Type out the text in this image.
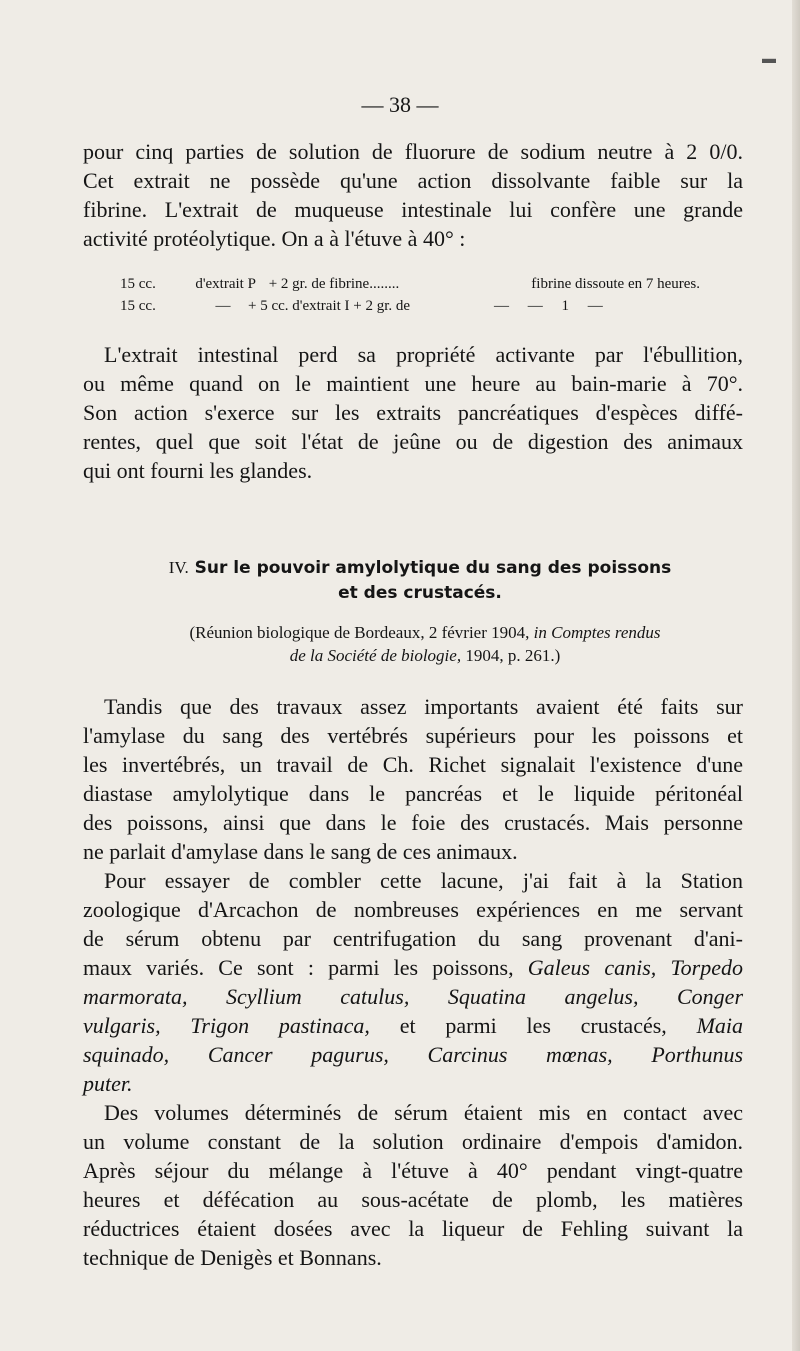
▬
— 38 —

pour cinq parties de solution de fluorure de sodium neutre à 2 0/0.

Cet extrait ne possède qu'une action dissolvante faible sur la

fibrine. L'extrait de muqueuse intestinale lui confère une grande

activité protéolytique. On a à l'étuve à 40° :

15 cc.	d'extrait P + 2 gr. de fibrine........	fibrine dissoute en 7 heures.
15 cc.	—	+ 5 cc. d'extrait I + 2 gr. de	—     —     1     —

L'extrait intestinal perd sa propriété activante par l'ébullition,

ou même quand on le maintient une heure au bain-marie à 70°.

Son action s'exerce sur les extraits pancréatiques d'espèces diffé-

rentes, quel que soit l'état de jeûne ou de digestion des animaux

qui ont fourni les glandes.

IV. Sur le pouvoir amylolytique du sang des poissons
et des crustacés.
(Réunion biologique de Bordeaux, 2 février 1904, in Comptes rendus
de la Société de biologie, 1904, p. 261.)

Tandis que des travaux assez importants avaient été faits sur

l'amylase du sang des vertébrés supérieurs pour les poissons et

les invertébrés, un travail de Ch. Richet signalait l'existence d'une

diastase amylolytique dans le pancréas et le liquide péritonéal

des poissons, ainsi que dans le foie des crustacés. Mais personne

ne parlait d'amylase dans le sang de ces animaux.

Pour essayer de combler cette lacune, j'ai fait à la Station

zoologique d'Arcachon de nombreuses expériences en me servant

de sérum obtenu par centrifugation du sang provenant d'ani-

maux variés. Ce sont : parmi les poissons, Galeus canis, Torpedo

marmorata, Scyllium catulus, Squatina angelus, Conger

vulgaris, Trigon pastinaca, et parmi les crustacés, Maia

squinado, Cancer pagurus, Carcinus mœnas, Porthunus

puter.

Des volumes déterminés de sérum étaient mis en contact avec

un volume constant de la solution ordinaire d'empois d'amidon.

Après séjour du mélange à l'étuve à 40° pendant vingt-quatre

heures et défécation au sous-acétate de plomb, les matières

réductrices étaient dosées avec la liqueur de Fehling suivant la

technique de Denigès et Bonnans.
